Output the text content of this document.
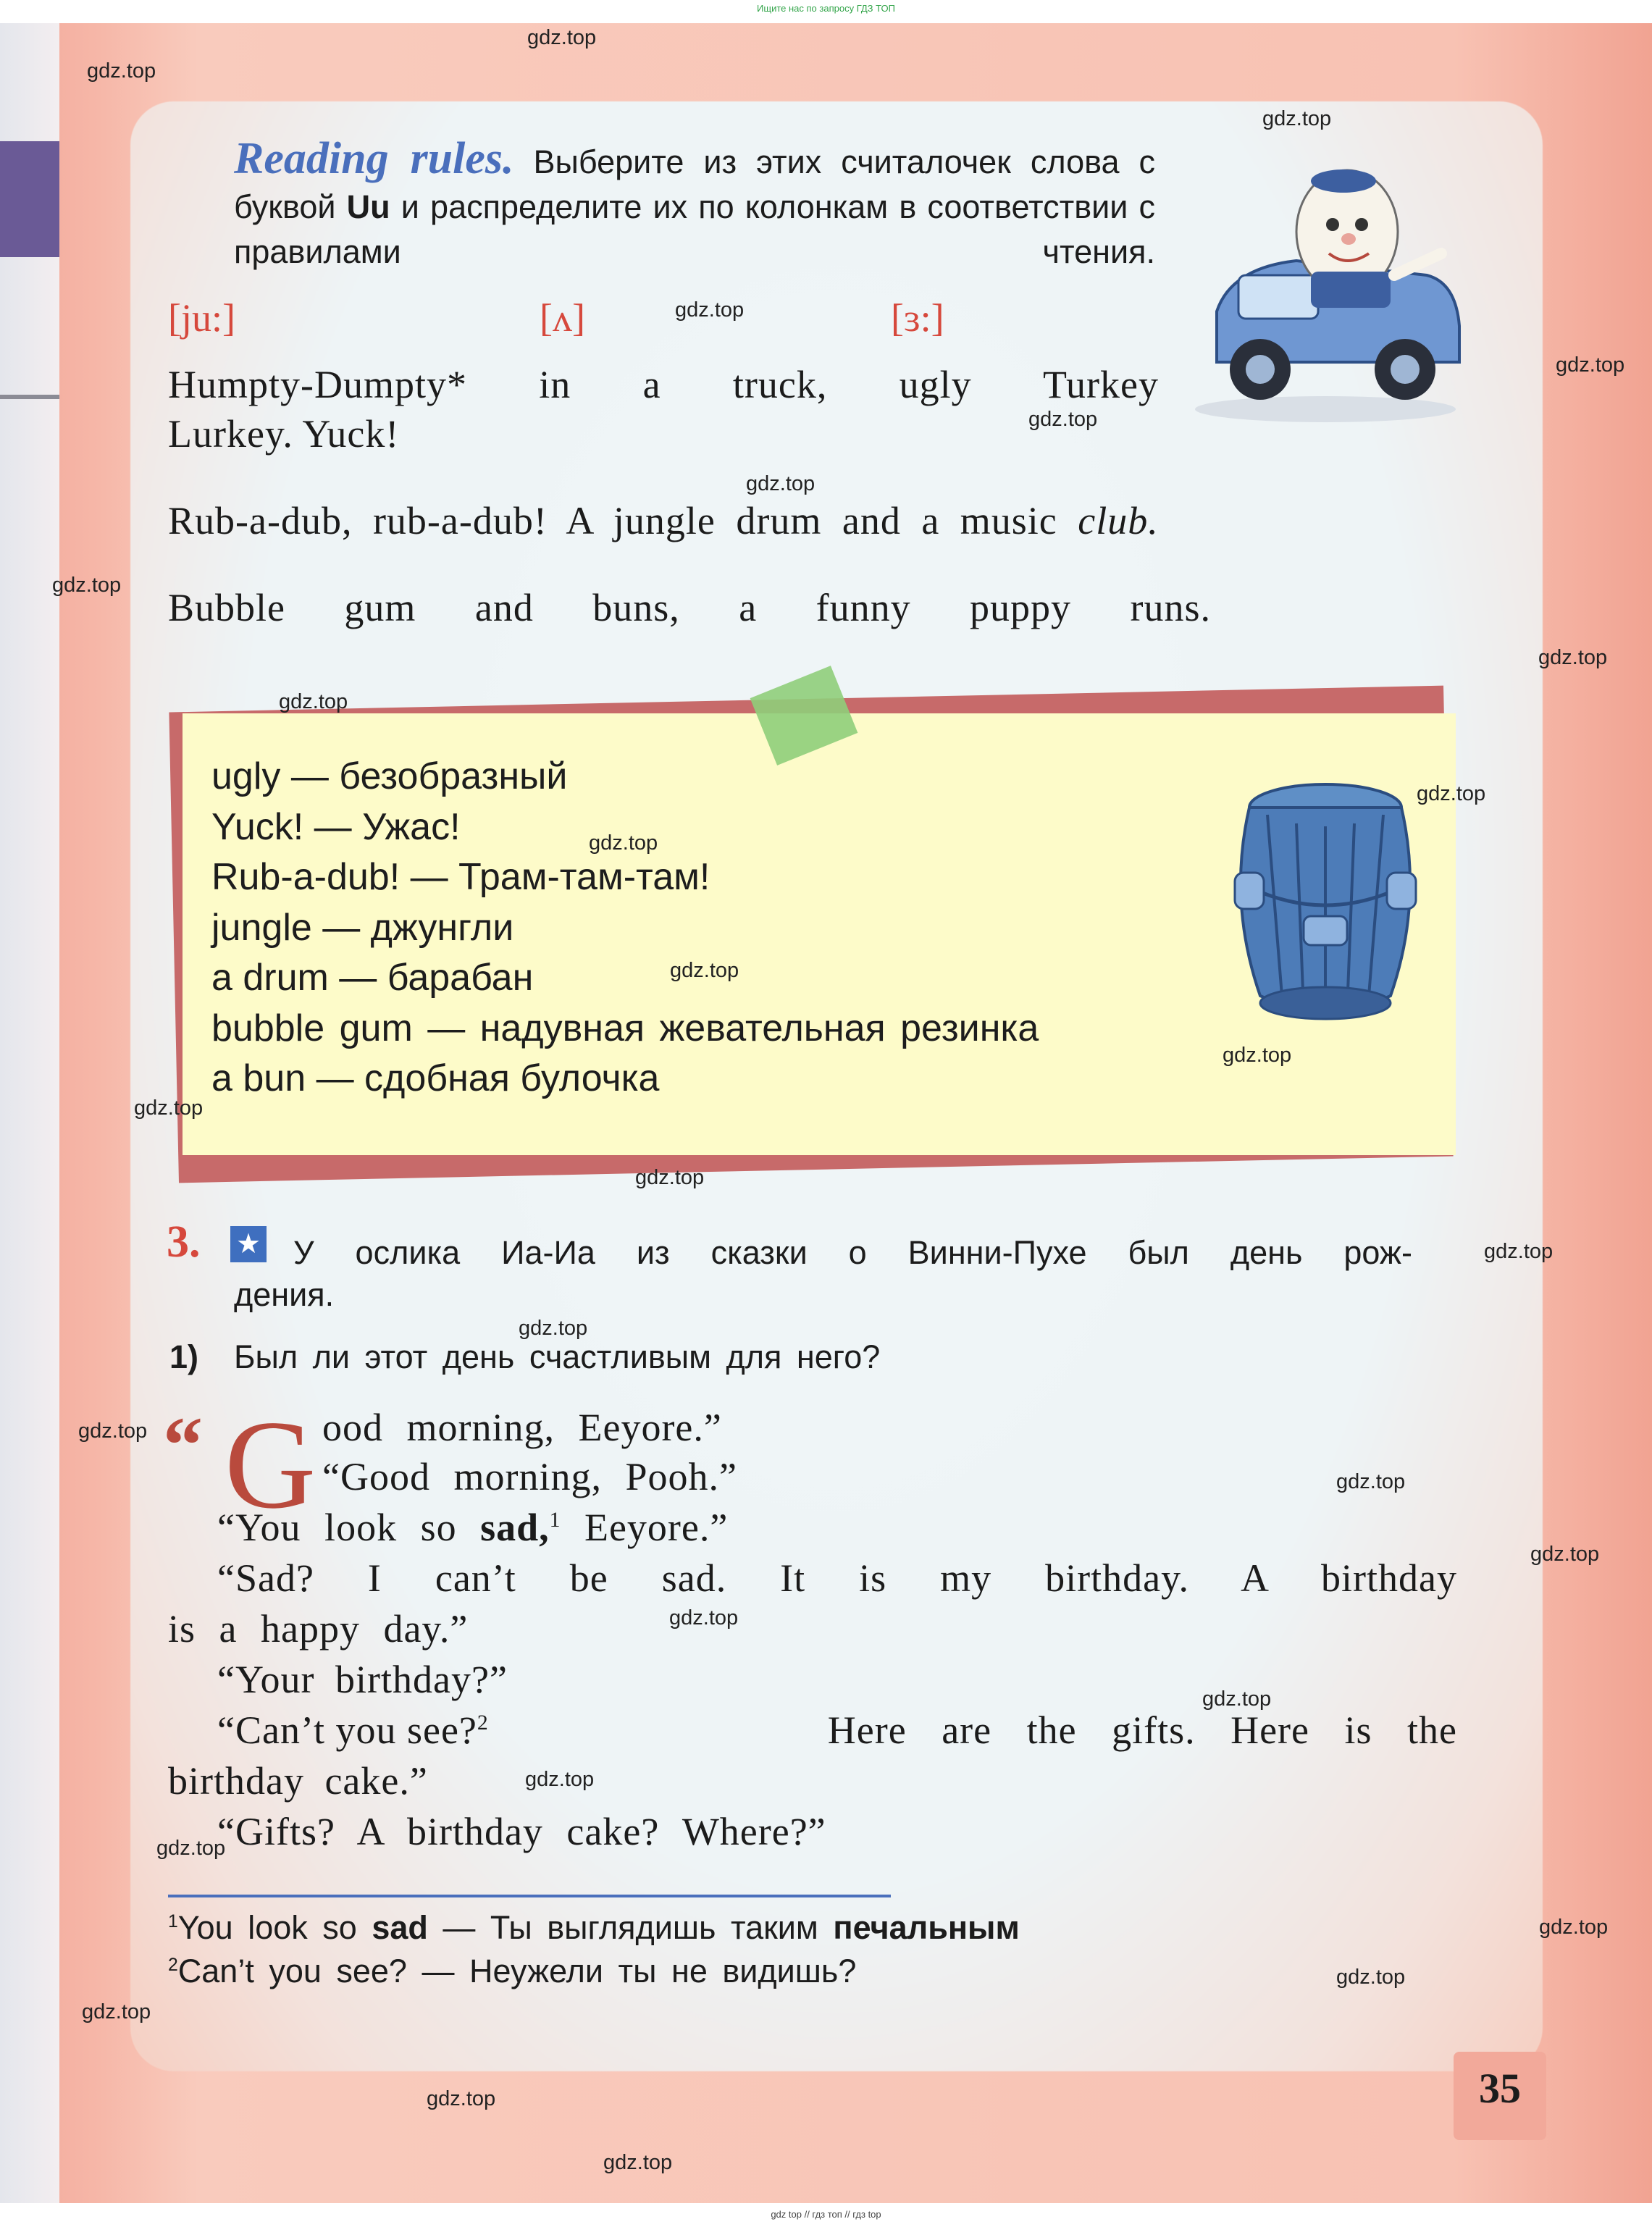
Ищите нас по запросу ГДЗ ТОП
Reading rules. Выберите из этих считалочек слова с буквой Uu и распределите их по колонкам в соответствии с правилами чтения.
[ju:]	[ʌ]	[ɜ:]
Humpty-Dumpty* in a truck, ugly Turkey
Lurkey. Yuck!
Rub-a-dub, rub-a-dub! A jungle drum and a music club.
Bubble gum and buns, a funny puppy runs.
ugly — безобразный
Yuck! — Ужас!
Rub-a-dub! — Трам-там-там!
jungle — джунгли
a drum — барабан
bubble gum — надувная жевательная резинка
a bun — сдобная булочка
3. ★ У ослика Иа-Иа из сказки о Винни-Пухе был день рож-
дения.
1) Был ли этот день счастливым для него?
“ G ood morning, Eeyore.”
“Good morning, Pooh.”
“You look so sad,$^1$ Eeyore.”
“Sad? I can’t be sad. It is my birthday. A birthday
is a happy day.”
“Your birthday?”
“Can’t you see?$^2$	Here are the gifts. Here is the
birthday cake.”
“Gifts? A birthday cake? Where?”
$^1$You look so sad — Ты выглядишь таким печальным
$^2$Can’t you see? — Неужели ты не видишь?
35
gdz.top
gdz.top
gdz.top
gdz.top
gdz.top
gdz.top
gdz.top
gdz.top
gdz.top
gdz.top
gdz.top
gdz.top
gdz.top
gdz.top
gdz.top
gdz.top
gdz.top
gdz.top
gdz.top
gdz.top
gdz.top
gdz.top
gdz.top
gdz.top
gdz.top
gdz.top
gdz.top
gdz.top
gdz.top
gdz.top
gdz top // гдз топ // гдз top
